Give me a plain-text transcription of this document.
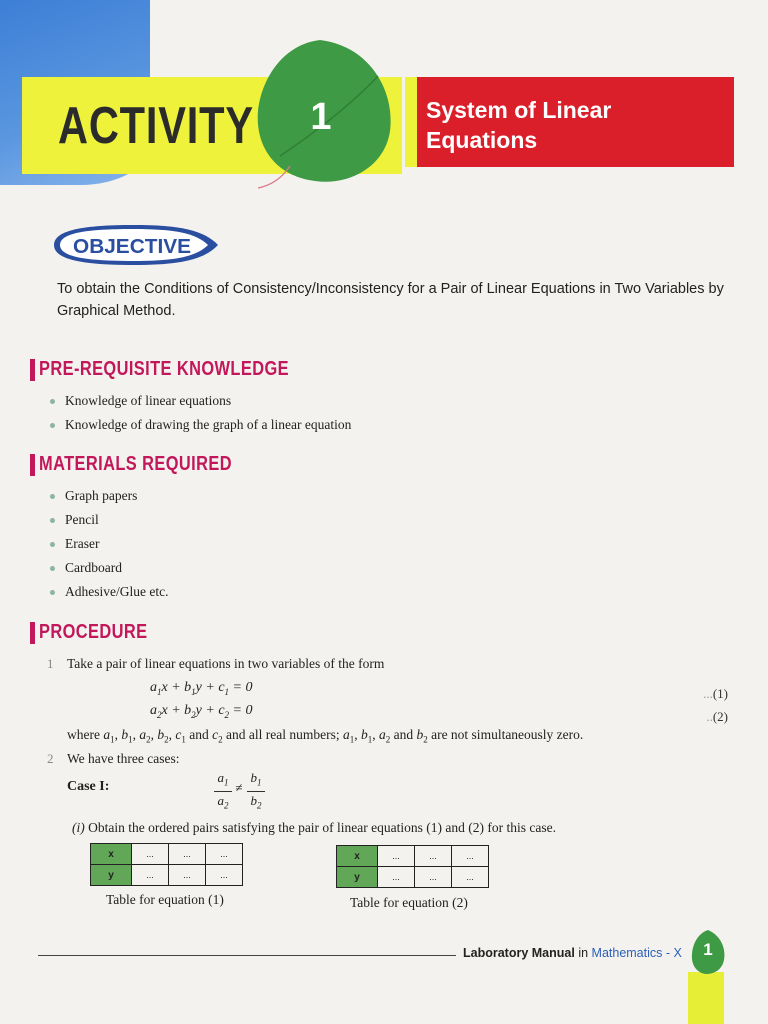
ACTIVITY	System of Linear Equations
1
OBJECTIVE
To obtain the Conditions of Consistency/Inconsistency for a Pair of Linear Equations in Two Variables by Graphical Method.
PRE-REQUISITE KNOWLEDGE
Knowledge of linear equations
Knowledge of drawing the graph of a linear equation
MATERIALS REQUIRED
Graph papers
Pencil
Eraser
Cardboard
Adhesive/Glue etc.
PROCEDURE
1 Take a pair of linear equations in two variables of the form
$a_1x + b_1y + c_1 = 0$	...(1)
$a_2x + b_2y + c_2 = 0$	..(2)
where $a_1$, $b_1$, $a_2$, $b_2$, $c_1$ and $c_2$ and all real numbers; $a_1$, $b_1$, $a_2$ and $b_2$ are not simultaneously zero.
2 We have three cases:
Case I:
$a_1$
$a_2$
≠
$b_1$
$b_2$
(i) Obtain the ordered pairs satisfying the pair of linear equations (1) and (2) for this case.
x	...	...	...
y	...	...	...
Table for equation (1)
x	...	...	...
y	...	...	...
Table for equation (2)
Laboratory Manual in Mathematics - X 1
